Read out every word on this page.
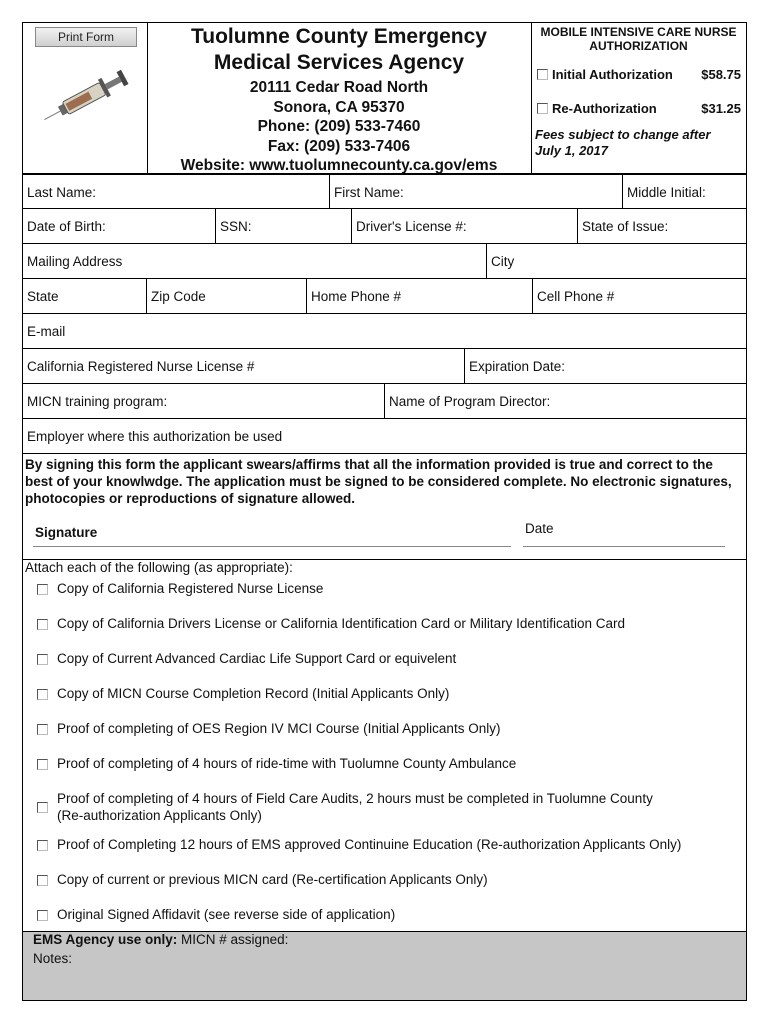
Print Form	Tuolumne County Emergency
Medical Services Agency
20111 Cedar Road North
Sonora, CA 95370
Phone: (209) 533-7460
Fax: (209) 533-7406
Website: www.tuolumnecounty.ca.gov/ems
MOBILE INTENSIVE CARE NURSE AUTHORIZATION
Initial Authorization $58.75
Re-Authorization	$31.25
Fees subject to change after
July 1, 2017
Last Name:	First Name:	Middle Initial:
Date of Birth:	SSN:	Driver's License #:	State of Issue:
Mailing Address	City
State	Zip Code	Home Phone #	Cell Phone #
E-mail
California Registered Nurse License #	Expiration Date:
MICN training program:	Name of Program Director:
Employer where this authorization be used
By signing this form the applicant swears/affirms that all the information provided is true and correct to the best of your knowlwdge. The application must be signed to be considered complete. No electronic signatures, photocopies or reproductions of signature allowed.
Signature	Date
Attach each of the following (as appropriate):
Copy of California Registered Nurse License
Copy of California Drivers License or California Identification Card or Military Identification Card
Copy of Current Advanced Cardiac Life Support Card or equivelent
Copy of MICN Course Completion Record (Initial Applicants Only)
Proof of completing of OES Region IV MCI Course (Initial Applicants Only)
Proof of completing of 4 hours of ride-time with Tuolumne County Ambulance
Proof of completing of 4 hours of Field Care Audits, 2 hours must be completed in Tuolumne County
(Re-authorization Applicants Only)
Proof of Completing 12 hours of EMS approved Continuine Education (Re-authorization Applicants Only)
Copy of current or previous MICN card (Re-certification Applicants Only)
Original Signed Affidavit (see reverse side of application)
EMS Agency use only: MICN # assigned:
Notes:
